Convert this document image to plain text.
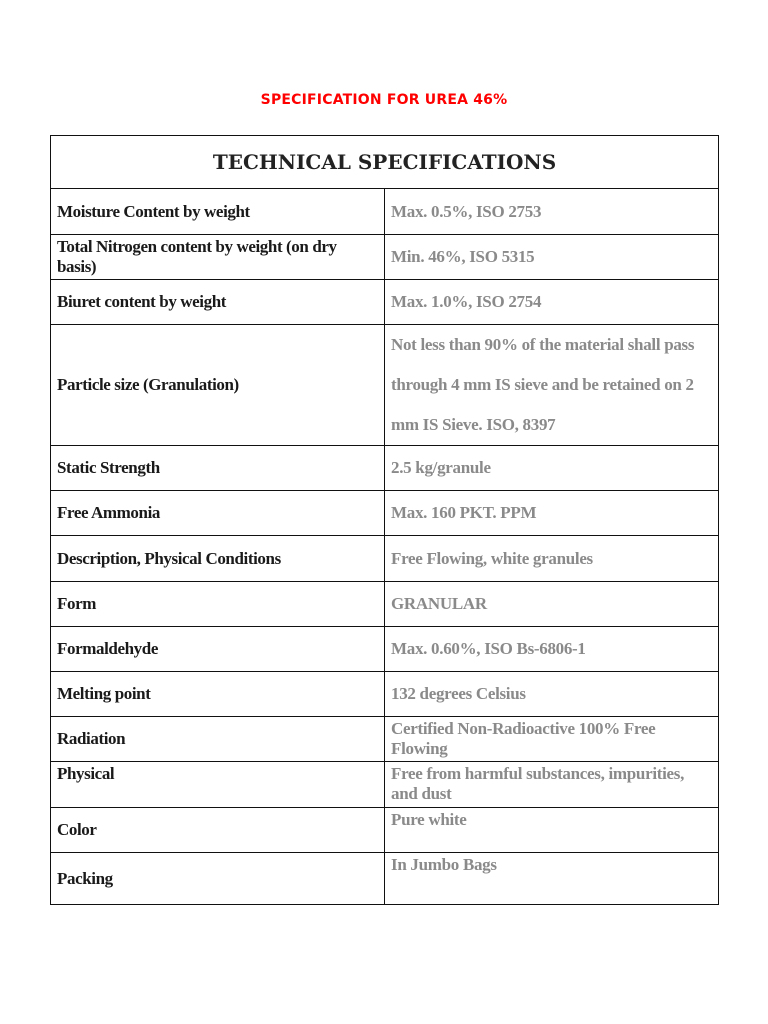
SPECIFICATION FOR UREA 46%
TECHNICAL SPECIFICATIONS	
Moisture Content by weight	Max. 0.5%, ISO 2753
Total Nitrogen content by weight (on dry basis)	Min. 46%, ISO 5315
Biuret content by weight	Max. 1.0%, ISO 2754
Particle size (Granulation)	Not less than 90% of the material shall pass through 4 mm IS sieve and be retained on 2 mm IS Sieve. ISO, 8397
Static Strength	2.5 kg/granule
Free Ammonia	Max. 160 PKT. PPM
Description, Physical Conditions	Free Flowing, white granules
Form	GRANULAR
Formaldehyde	Max. 0.60%, ISO Bs-6806-1
Melting point	132 degrees Celsius
Radiation	Certified Non-Radioactive 100% Free Flowing
Physical	Free from harmful substances, impurities, and dust
Color	Pure white
Packing	In Jumbo Bags
